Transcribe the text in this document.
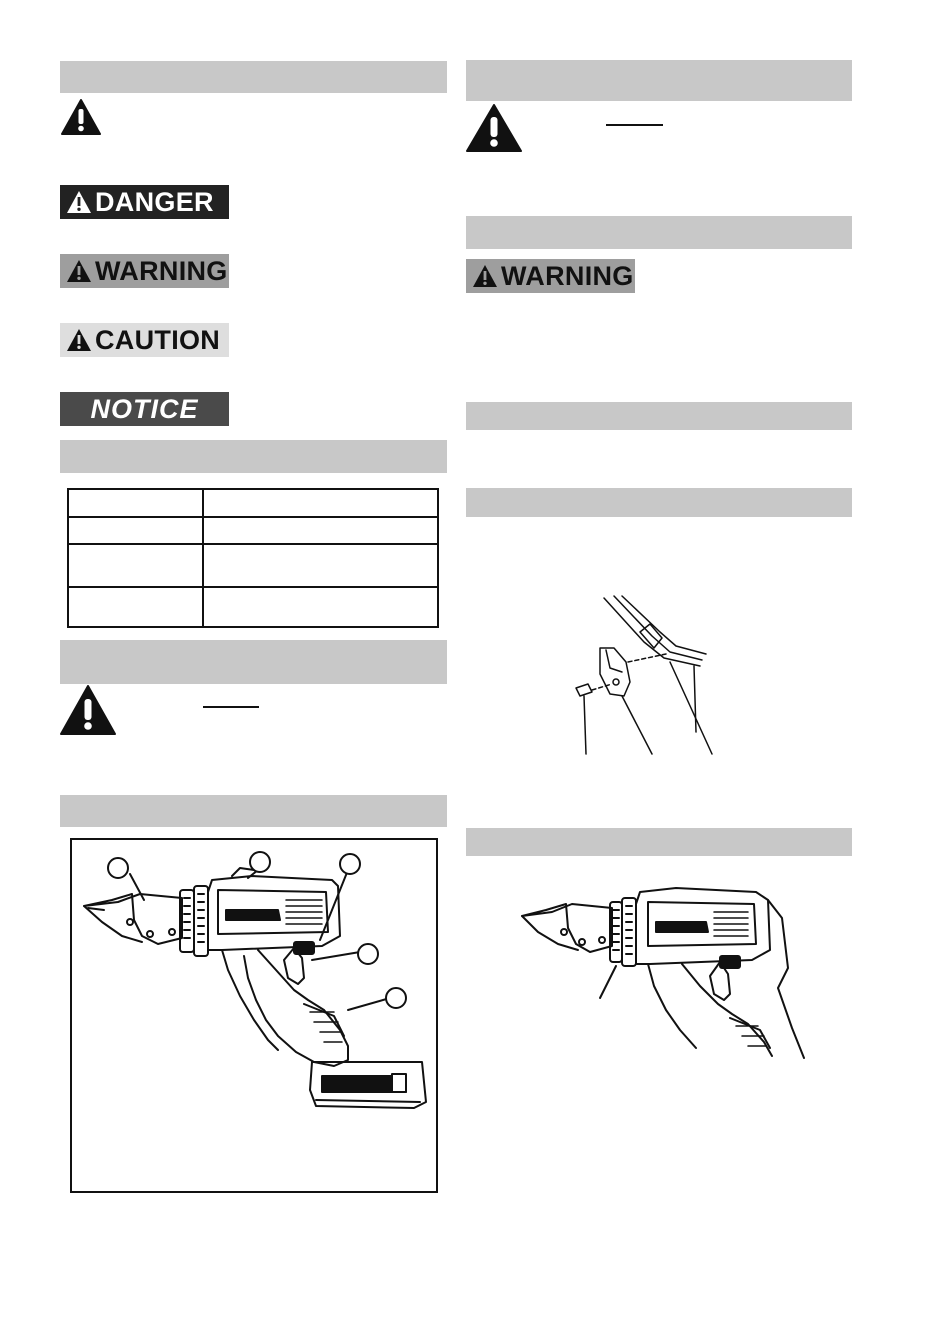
DANGER
WARNING
CAUTION
NOTICE
WARNING
